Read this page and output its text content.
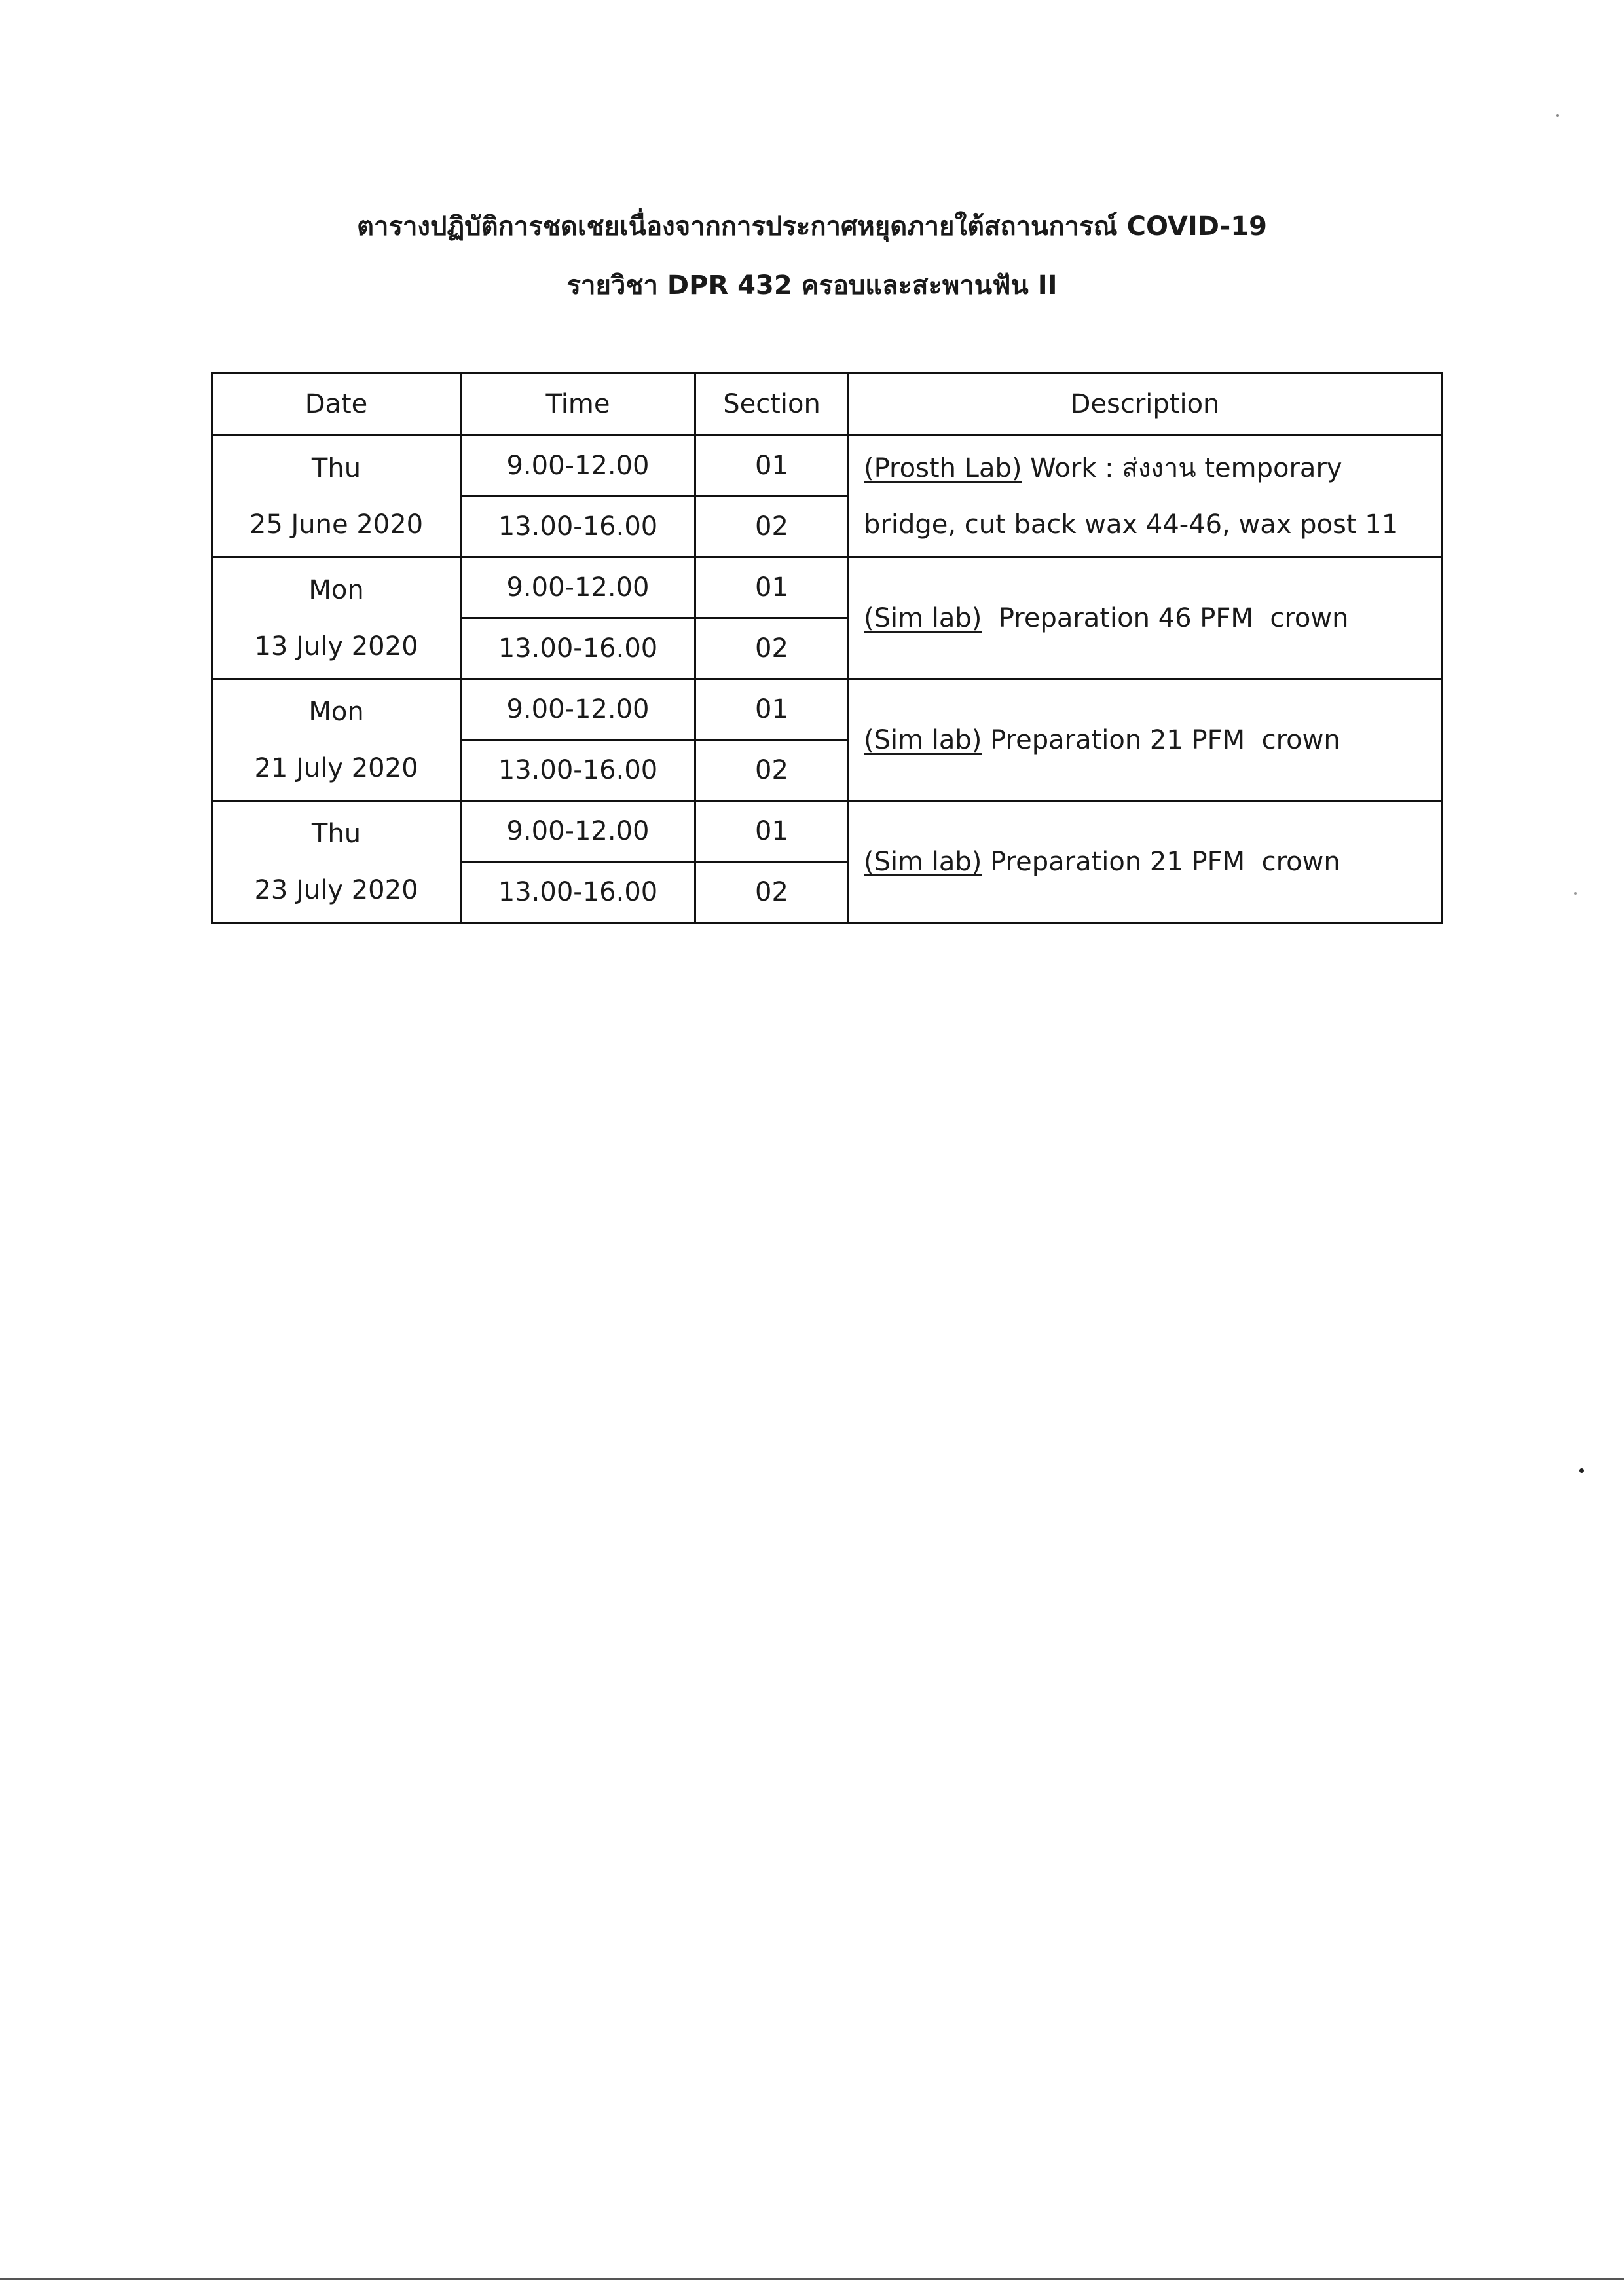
ตารางปฏิบัติการชดเชยเนื่องจากการประกาศหยุดภายใต้สถานการณ์ COVID-19
รายวิชา DPR 432 ครอบและสะพานฟัน II
Date	Time	Section	Description

Thu
25 June 2020	9.00-12.00	01	(Prosth Lab) Work : ส่งงาน temporary bridge, cut back wax 44-46, wax post 11
	13.00-16.00	02	

Mon
13 July 2020	9.00-12.00	01	(Sim lab)  Preparation 46 PFM  crown
	13.00-16.00	02	

Mon
21 July 2020	9.00-12.00	01	(Sim lab) Preparation 21 PFM  crown
	13.00-16.00	02	

Thu
23 July 2020	9.00-12.00	01	(Sim lab) Preparation 21 PFM  crown
	13.00-16.00	02	
